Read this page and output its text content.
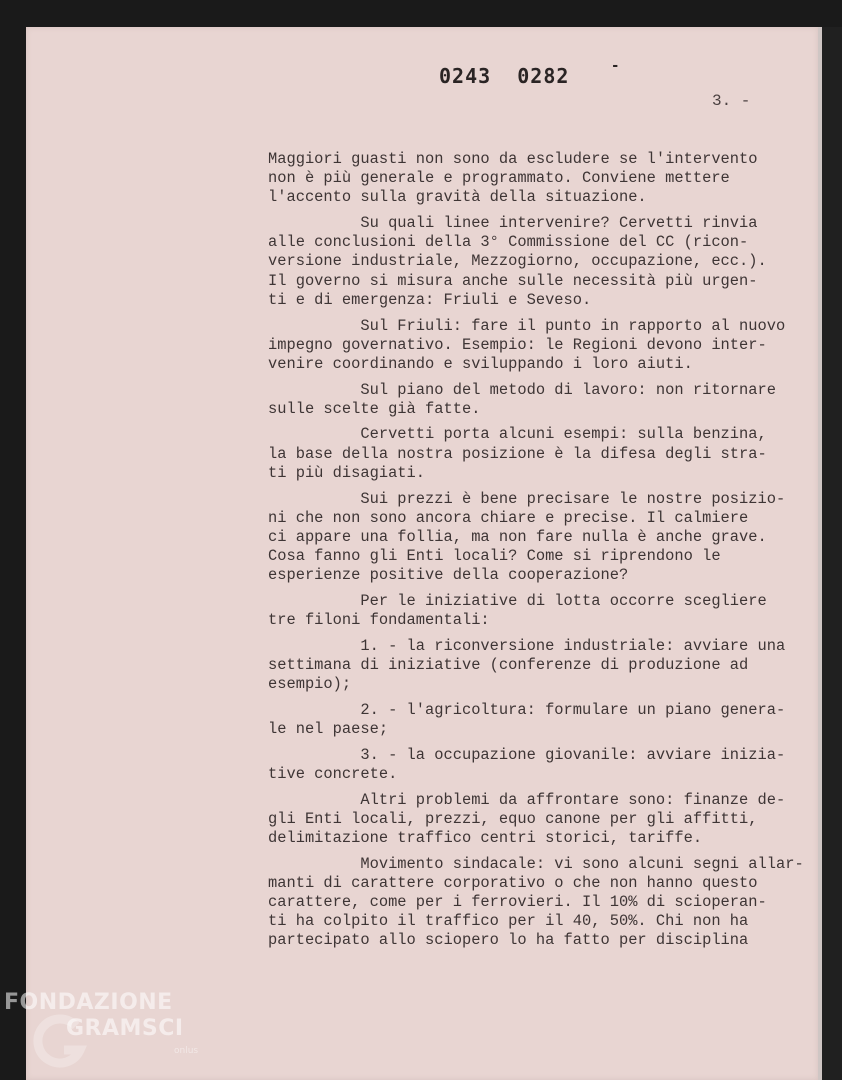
0243  0282	-
3. -
Maggiori guasti non sono da escludere se l'intervento
non è più generale e programmato. Conviene mettere
l'accento sulla gravità della situazione.
Su quali linee intervenire? Cervetti rinvia
alle conclusioni della 3° Commissione del CC (ricon-
versione industriale, Mezzogiorno, occupazione, ecc.).
Il governo si misura anche sulle necessità più urgen-
ti e di emergenza: Friuli e Seveso.
Sul Friuli: fare il punto in rapporto al nuovo
impegno governativo. Esempio: le Regioni devono inter-
venire coordinando e sviluppando i loro aiuti.
Sul piano del metodo di lavoro: non ritornare
sulle scelte già fatte.
Cervetti porta alcuni esempi: sulla benzina,
la base della nostra posizione è la difesa degli stra-
ti più disagiati.
Sui prezzi è bene precisare le nostre posizio-
ni che non sono ancora chiare e precise. Il calmiere
ci appare una follia, ma non fare nulla è anche grave.
Cosa fanno gli Enti locali? Come si riprendono le
esperienze positive della cooperazione?
Per le iniziative di lotta occorre scegliere
tre filoni fondamentali:
1. - la riconversione industriale: avviare una
settimana di iniziative (conferenze di produzione ad
esempio);
2. - l'agricoltura: formulare un piano genera-
le nel paese;
3. - la occupazione giovanile: avviare inizia-
tive concrete.
Altri problemi da affrontare sono: finanze de-
gli Enti locali, prezzi, equo canone per gli affitti,
delimitazione traffico centri storici, tariffe.
Movimento sindacale: vi sono alcuni segni allar-
manti di carattere corporativo o che non hanno questo
carattere, come per i ferrovieri. Il 10% di scioperan-
ti ha colpito il traffico per il 40, 50%. Chi non ha
partecipato allo sciopero lo ha fatto per disciplina
FONDAZIONE
GRAMSCI
onlus
